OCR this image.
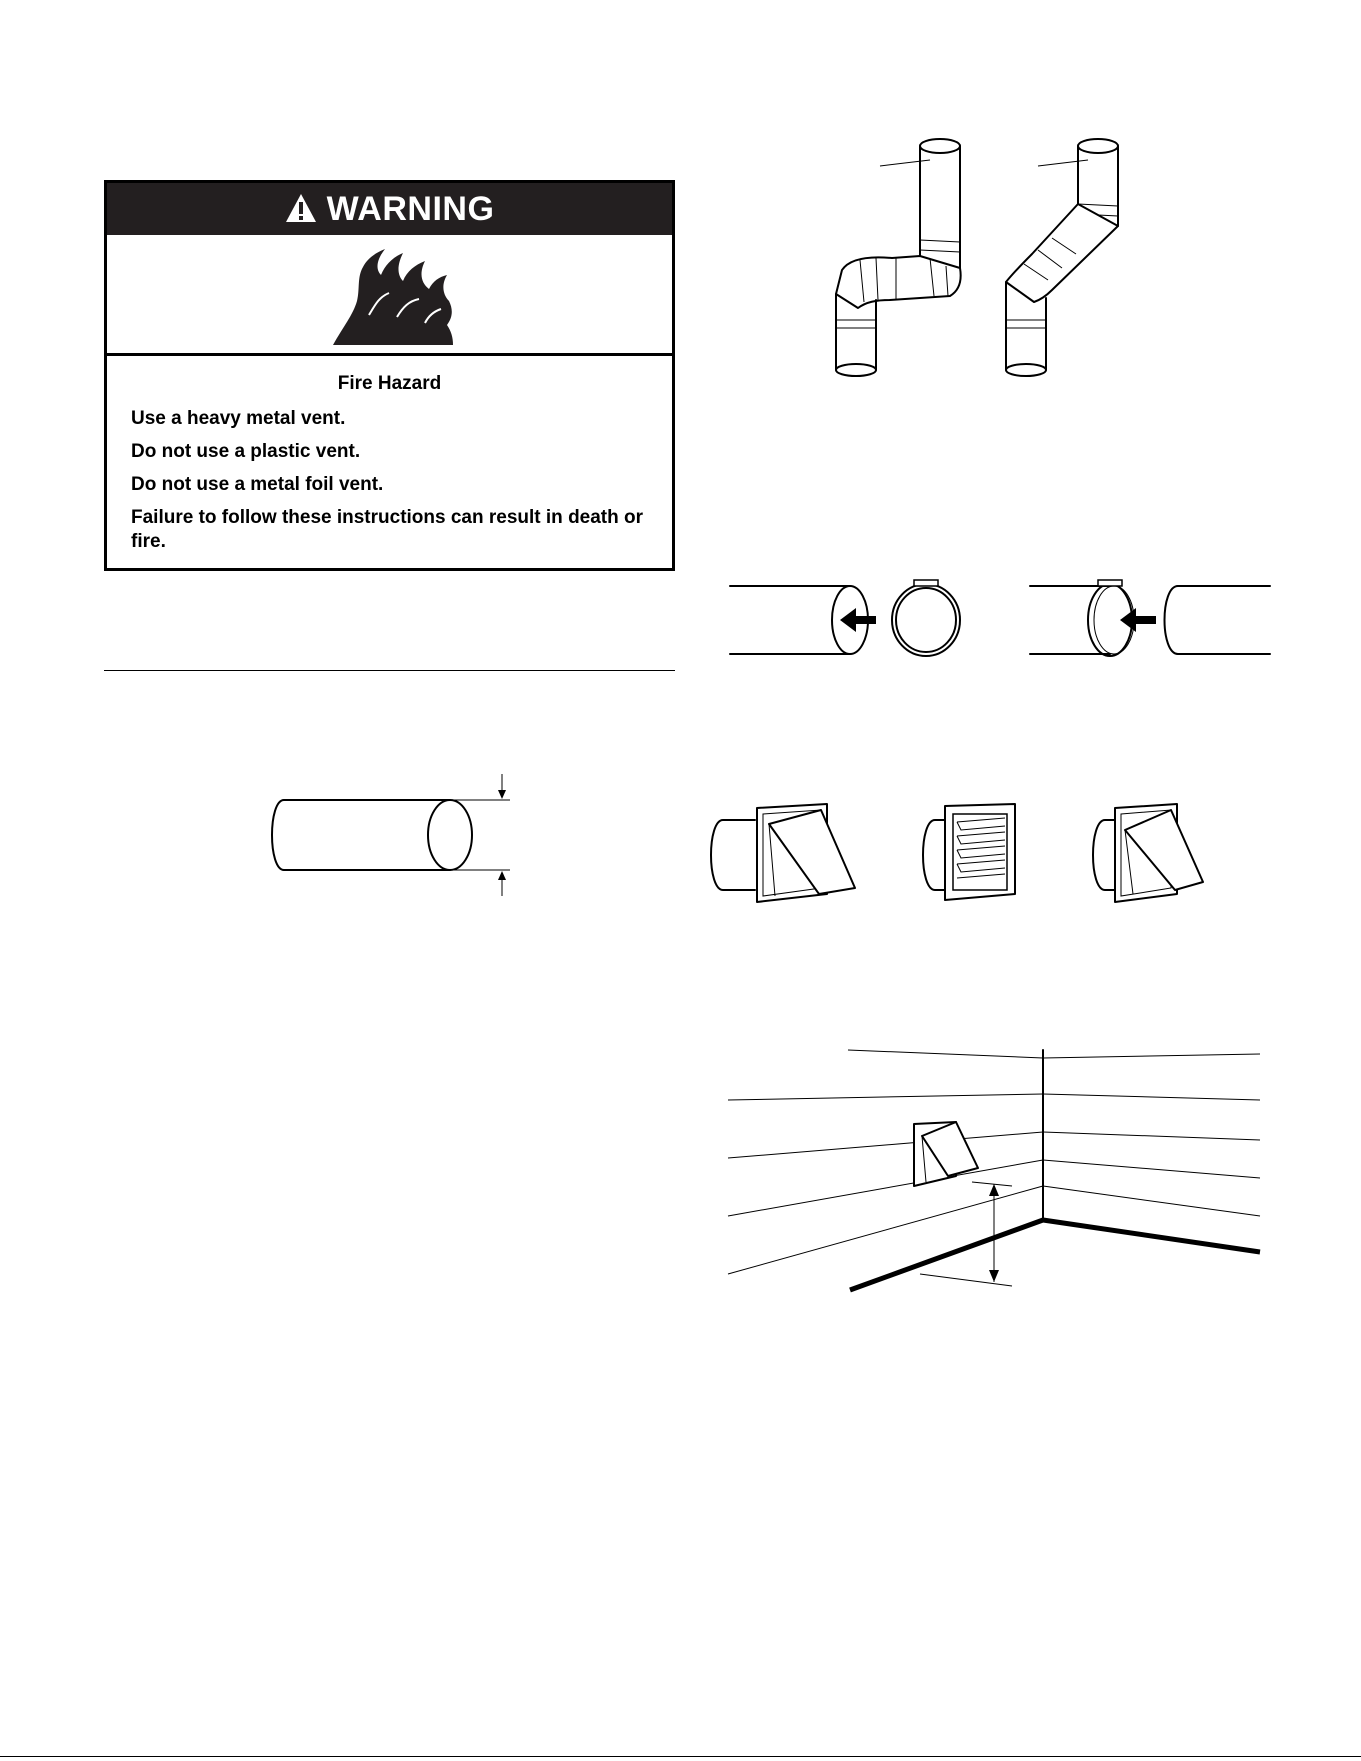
WARNING
Fire Hazard
Use a heavy metal vent.
Do not use a plastic vent.
Do not use a metal foil vent.
Failure to follow these instructions can result in death or fire.
